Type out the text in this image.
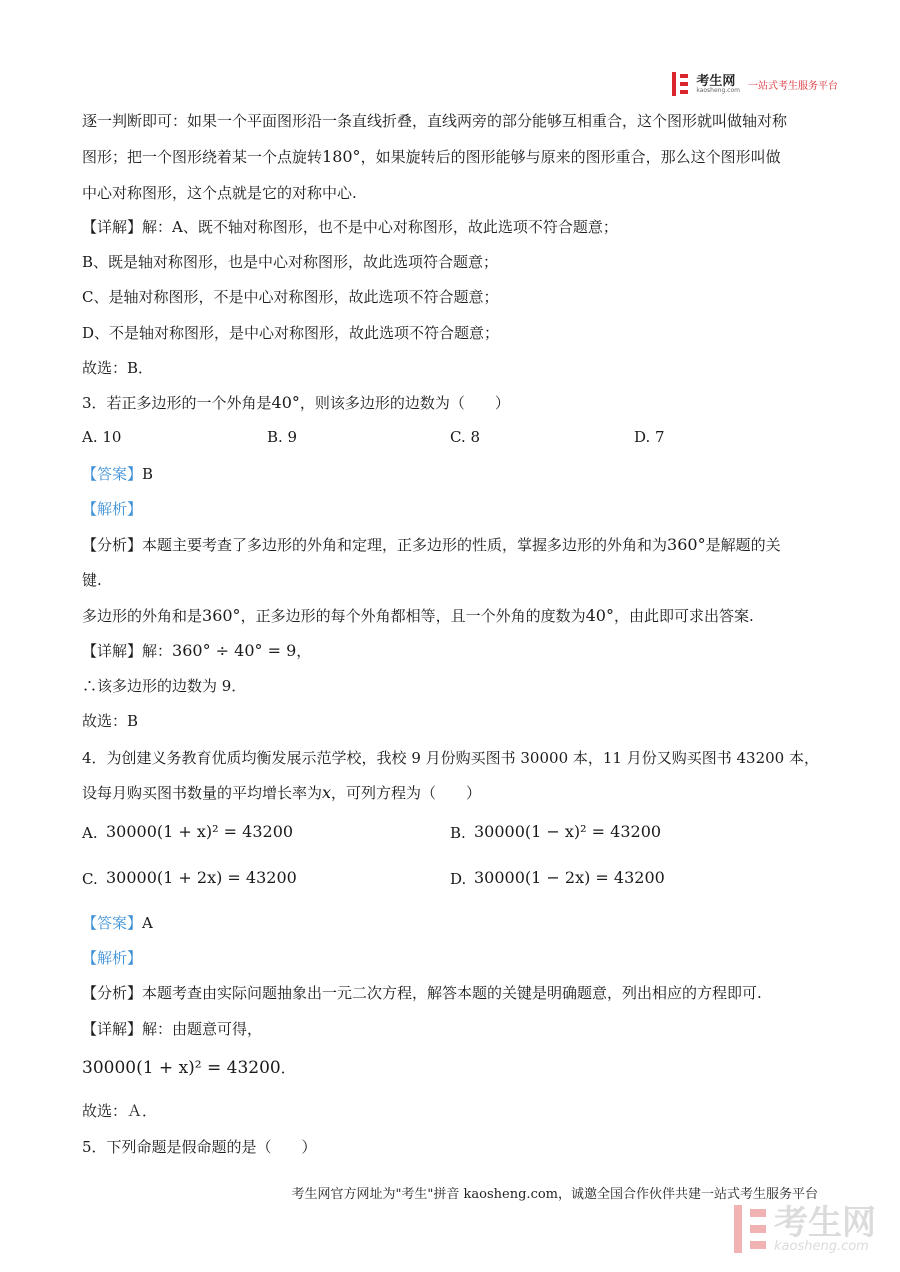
考生网
kaosheng.com 一站式考生服务平台
逐一判断即可：如果一个平面图形沿一条直线折叠，直线两旁的部分能够互相重合，这个图形就叫做轴对称
图形；把一个图形绕着某一个点旋转180°，如果旋转后的图形能够与原来的图形重合，那么这个图形叫做
中心对称图形，这个点就是它的对称中心.
【详解】解：A、既不轴对称图形，也不是中心对称图形，故此选项不符合题意；
B、既是轴对称图形，也是中心对称图形，故此选项符合题意；
C、是轴对称图形，不是中心对称图形，故此选项不符合题意；
D、不是轴对称图形，是中心对称图形，故此选项不符合题意；
故选：B．
3．若正多边形的一个外角是40°，则该多边形的边数为（　　）
A. 10	B. 9	C. 8	D. 7
【答案】B
【解析】
【分析】本题主要考查了多边形的外角和定理，正多边形的性质，掌握多边形的外角和为360°是解题的关
键.
多边形的外角和是360°，正多边形的每个外角都相等，且一个外角的度数为40°，由此即可求出答案.
【详解】解：360° ÷ 40° = 9，
∴该多边形的边数为 9．
故选：B
4．为创建义务教育优质均衡发展示范学校，我校 9 月份购买图书 30000 本，11 月份又购买图书 43200 本，
设每月购买图书数量的平均增长率为x，可列方程为（　　）
A. 30000(1 + x)² = 43200	B. 30000(1 − x)² = 43200
C. 30000(1 + 2x) = 43200	D. 30000(1 − 2x) = 43200
【答案】A
【解析】
【分析】本题考查由实际问题抽象出一元二次方程，解答本题的关键是明确题意，列出相应的方程即可.
【详解】解：由题意可得，
30000(1 + x)² = 43200．
故选：Ａ．
5．下列命题是假命题的是（　　）
考生网官方网址为"考生"拼音 kaosheng.com，诚邀全国合作伙伴共建一站式考生服务平台
考生网
kaosheng.com
